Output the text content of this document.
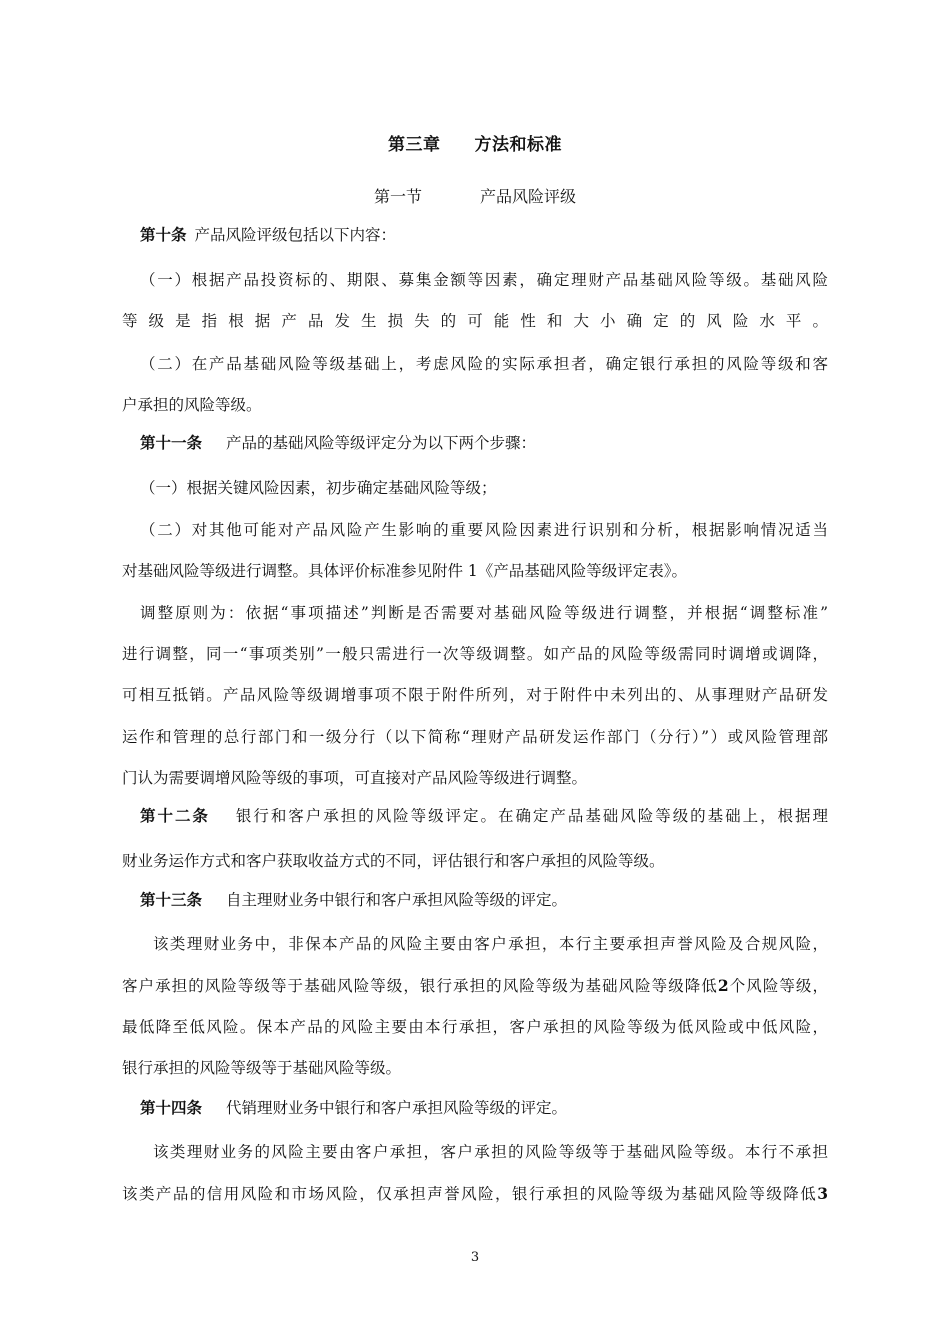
第三章 方法和标准
第一节	产品风险评级
第十条 产品风险评级包括以下内容：
（一）根据产品投资标的、期限、募集金额等因素，确定理财产品基础风险等级。基础风险
等级是指根据产品发生损失的可能性和大小确定的风险水平。
（二）在产品基础风险等级基础上，考虑风险的实际承担者，确定银行承担的风险等级和客
户承担的风险等级。
第十一条 产品的基础风险等级评定分为以下两个步骤：
（一）根据关键风险因素，初步确定基础风险等级；
（二）对其他可能对产品风险产生影响的重要风险因素进行识别和分析，根据影响情况适当
对基础风险等级进行调整。具体评价标准参见附件 1《产品基础风险等级评定表》。
调整原则为：依据“事项描述”判断是否需要对基础风险等级进行调整，并根据“调整标准”
进行调整，同一“事项类别”一般只需进行一次等级调整。如产品的风险等级需同时调增或调降，
可相互抵销。产品风险等级调增事项不限于附件所列，对于附件中未列出的、从事理财产品研发
运作和管理的总行部门和一级分行（以下简称“理财产品研发运作部门（分行）”）或风险管理部
门认为需要调增风险等级的事项，可直接对产品风险等级进行调整。
第十二条 银行和客户承担的风险等级评定。在确定产品基础风险等级的基础上，根据理
财业务运作方式和客户获取收益方式的不同，评估银行和客户承担的风险等级。
第十三条 自主理财业务中银行和客户承担风险等级的评定。
该类理财业务中，非保本产品的风险主要由客户承担，本行主要承担声誉风险及合规风险，
客户承担的风险等级等于基础风险等级，银行承担的风险等级为基础风险等级降低2个风险等级，
最低降至低风险。保本产品的风险主要由本行承担，客户承担的风险等级为低风险或中低风险，
银行承担的风险等级等于基础风险等级。
第十四条 代销理财业务中银行和客户承担风险等级的评定。
该类理财业务的风险主要由客户承担，客户承担的风险等级等于基础风险等级。本行不承担
该类产品的信用风险和市场风险，仅承担声誉风险，银行承担的风险等级为基础风险等级降低3
3
